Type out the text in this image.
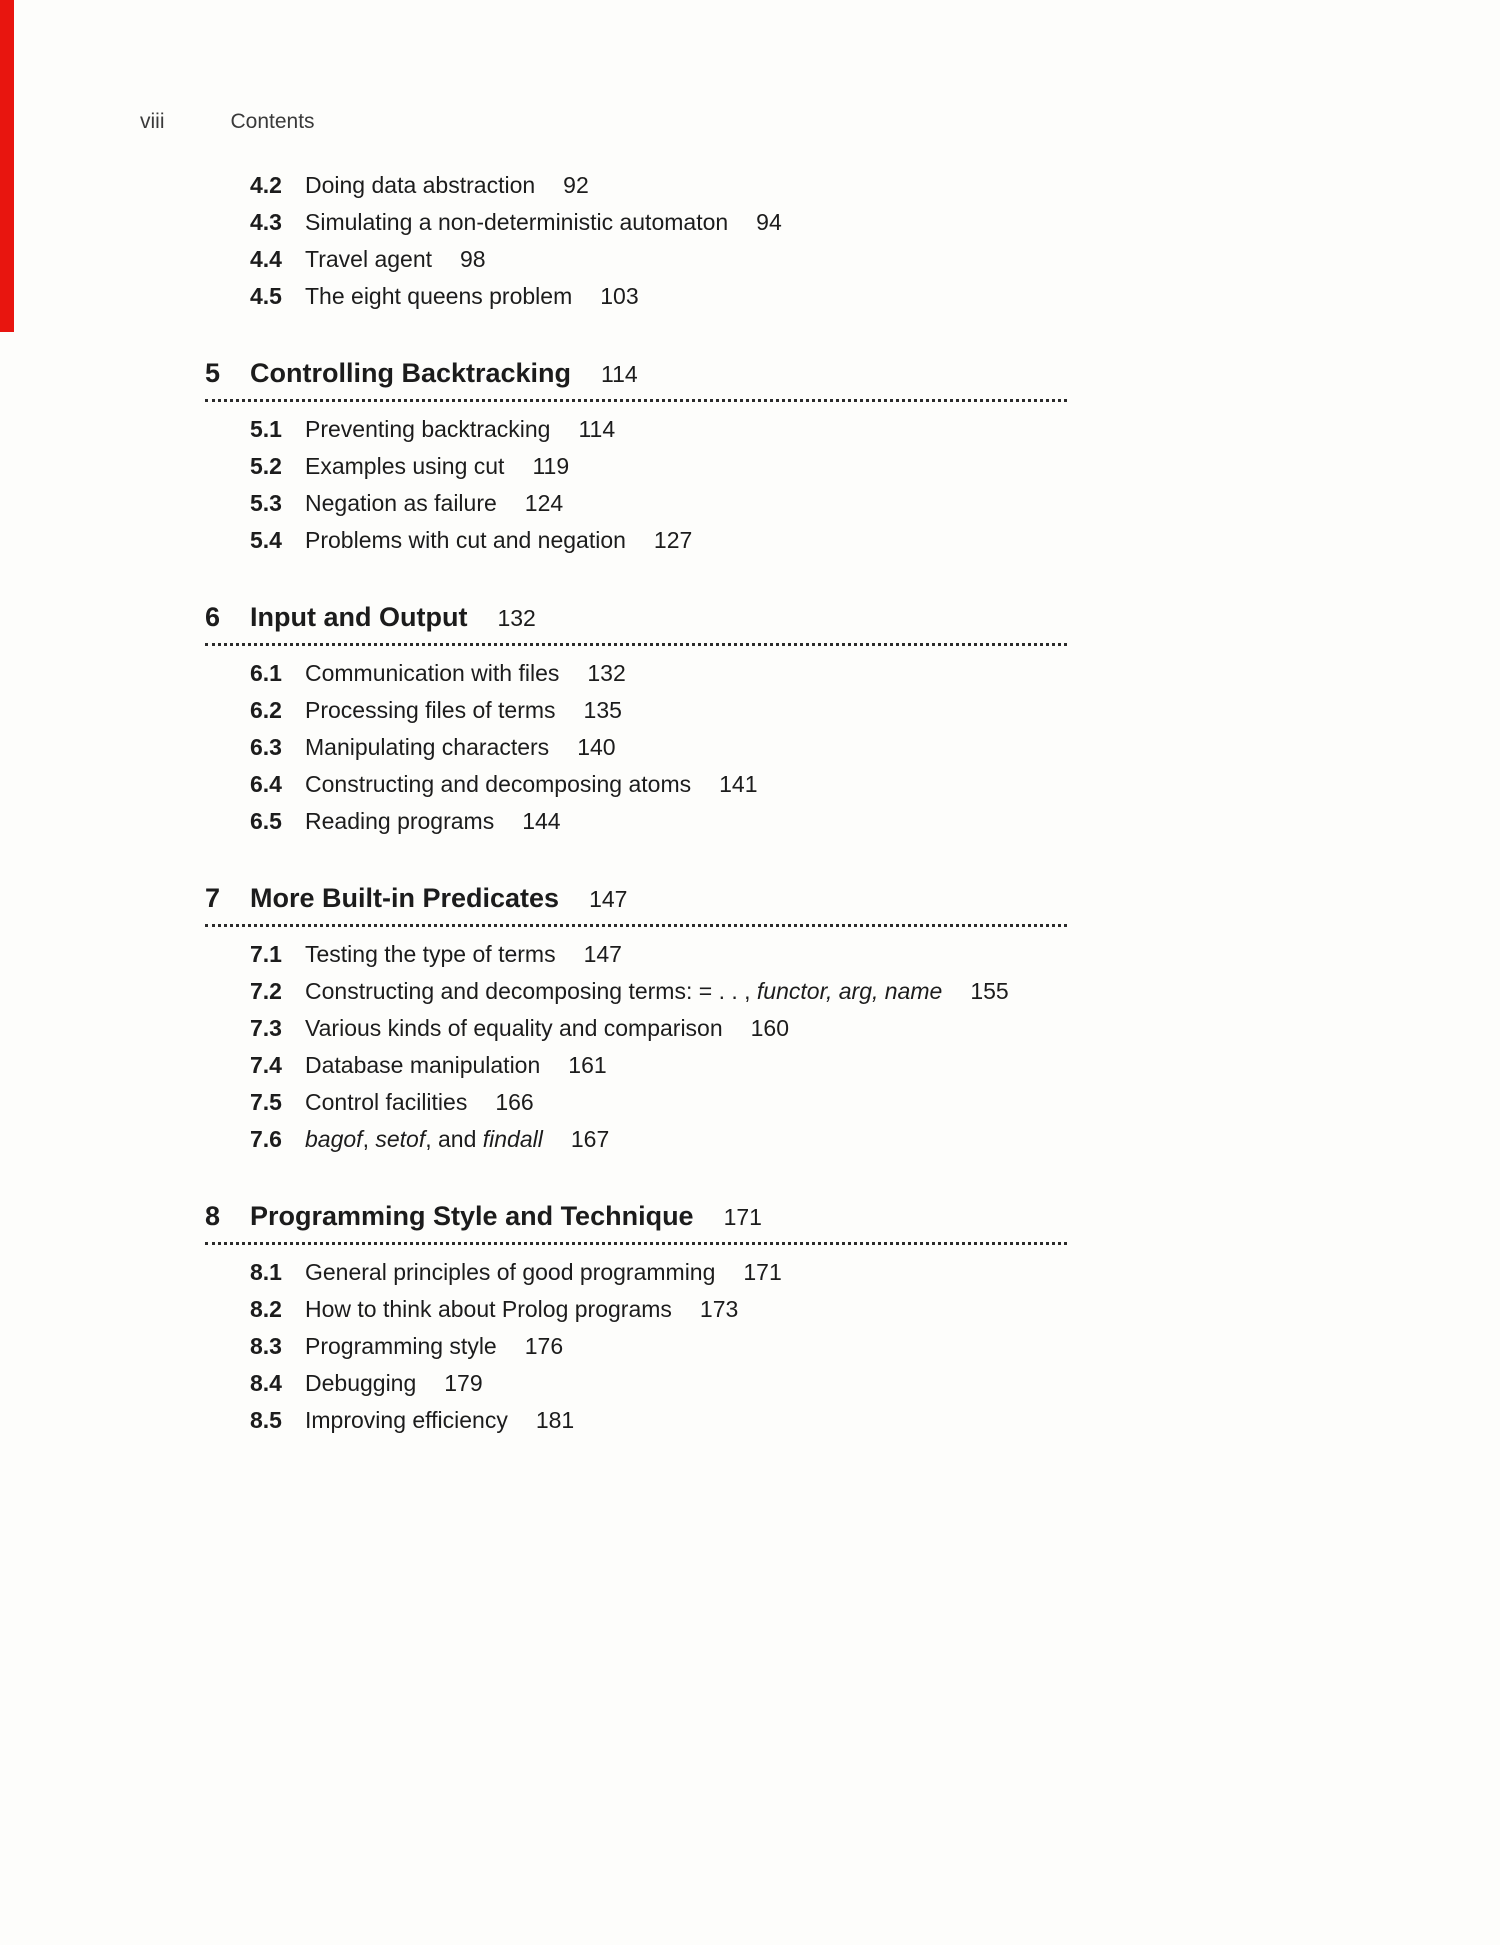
viii	Contents
4.2	Doing data abstraction 92
4.3	Simulating a non-deterministic automaton 94
4.4	Travel agent 98
4.5	The eight queens problem 103
5	Controlling Backtracking 114
5.1	Preventing backtracking 114
5.2	Examples using cut 119
5.3	Negation as failure 124
5.4	Problems with cut and negation 127
6	Input and Output 132
6.1	Communication with files 132
6.2	Processing files of terms 135
6.3	Manipulating characters 140
6.4	Constructing and decomposing atoms 141
6.5	Reading programs 144
7	More Built-in Predicates 147
7.1	Testing the type of terms 147
7.2	Constructing and decomposing terms: = . . , functor, arg, name 155
7.3	Various kinds of equality and comparison 160
7.4	Database manipulation 161
7.5	Control facilities 166
7.6	bagof, setof, and findall 167
8	Programming Style and Technique 171
8.1	General principles of good programming 171
8.2	How to think about Prolog programs 173
8.3	Programming style 176
8.4	Debugging 179
8.5	Improving efficiency 181
